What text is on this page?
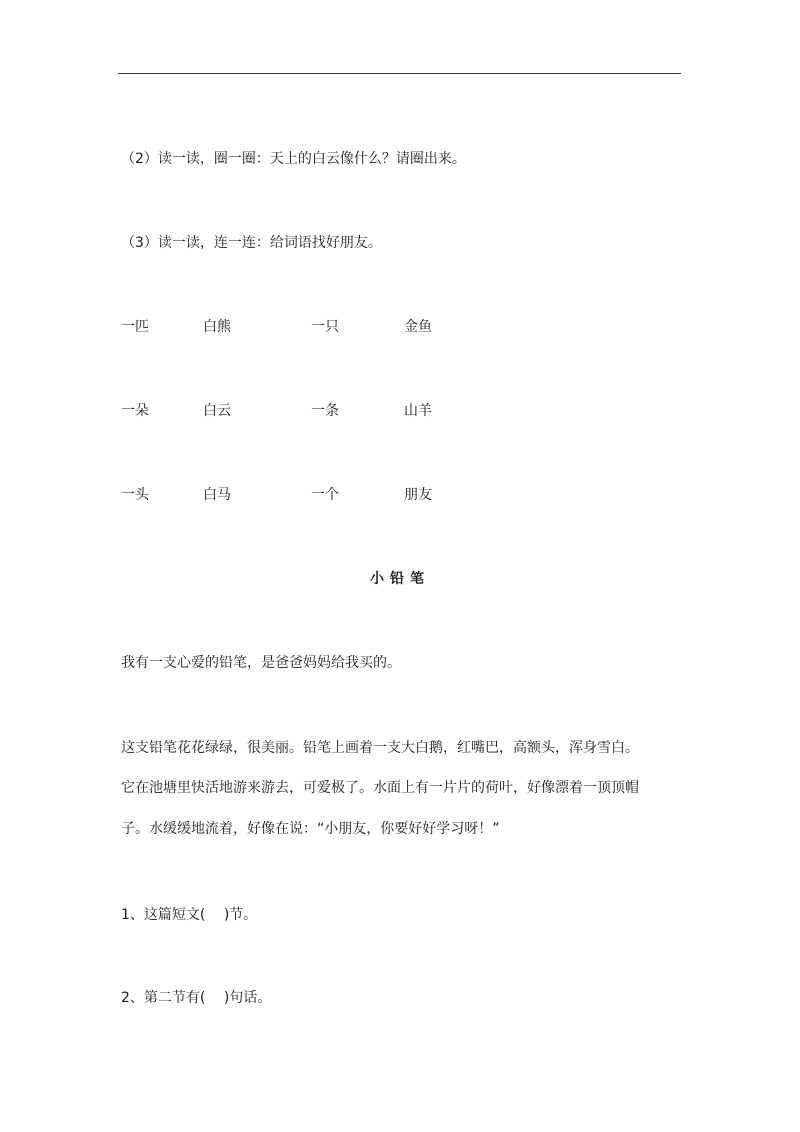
（2）读一读，圈一圈：天上的白云像什么？请圈出来。
（3）读一读，连一连：给词语找好朋友。
一匹	白熊	一只	金鱼
一朵	白云	一条	山羊
一头	白马	一个	朋友
小铅笔
我有一支心爱的铅笔，是爸爸妈妈给我买的。
这支铅笔花花绿绿，很美丽。铅笔上画着一支大白鹅，红嘴巴，高额头，浑身雪白。
它在池塘里快活地游来游去，可爱极了。水面上有一片片的荷叶，好像漂着一顶顶帽
子。水缓缓地流着，好像在说：“小朋友，你要好好学习呀！”
1、这篇短文(　 )节。
2、第二节有(　 )句话。
